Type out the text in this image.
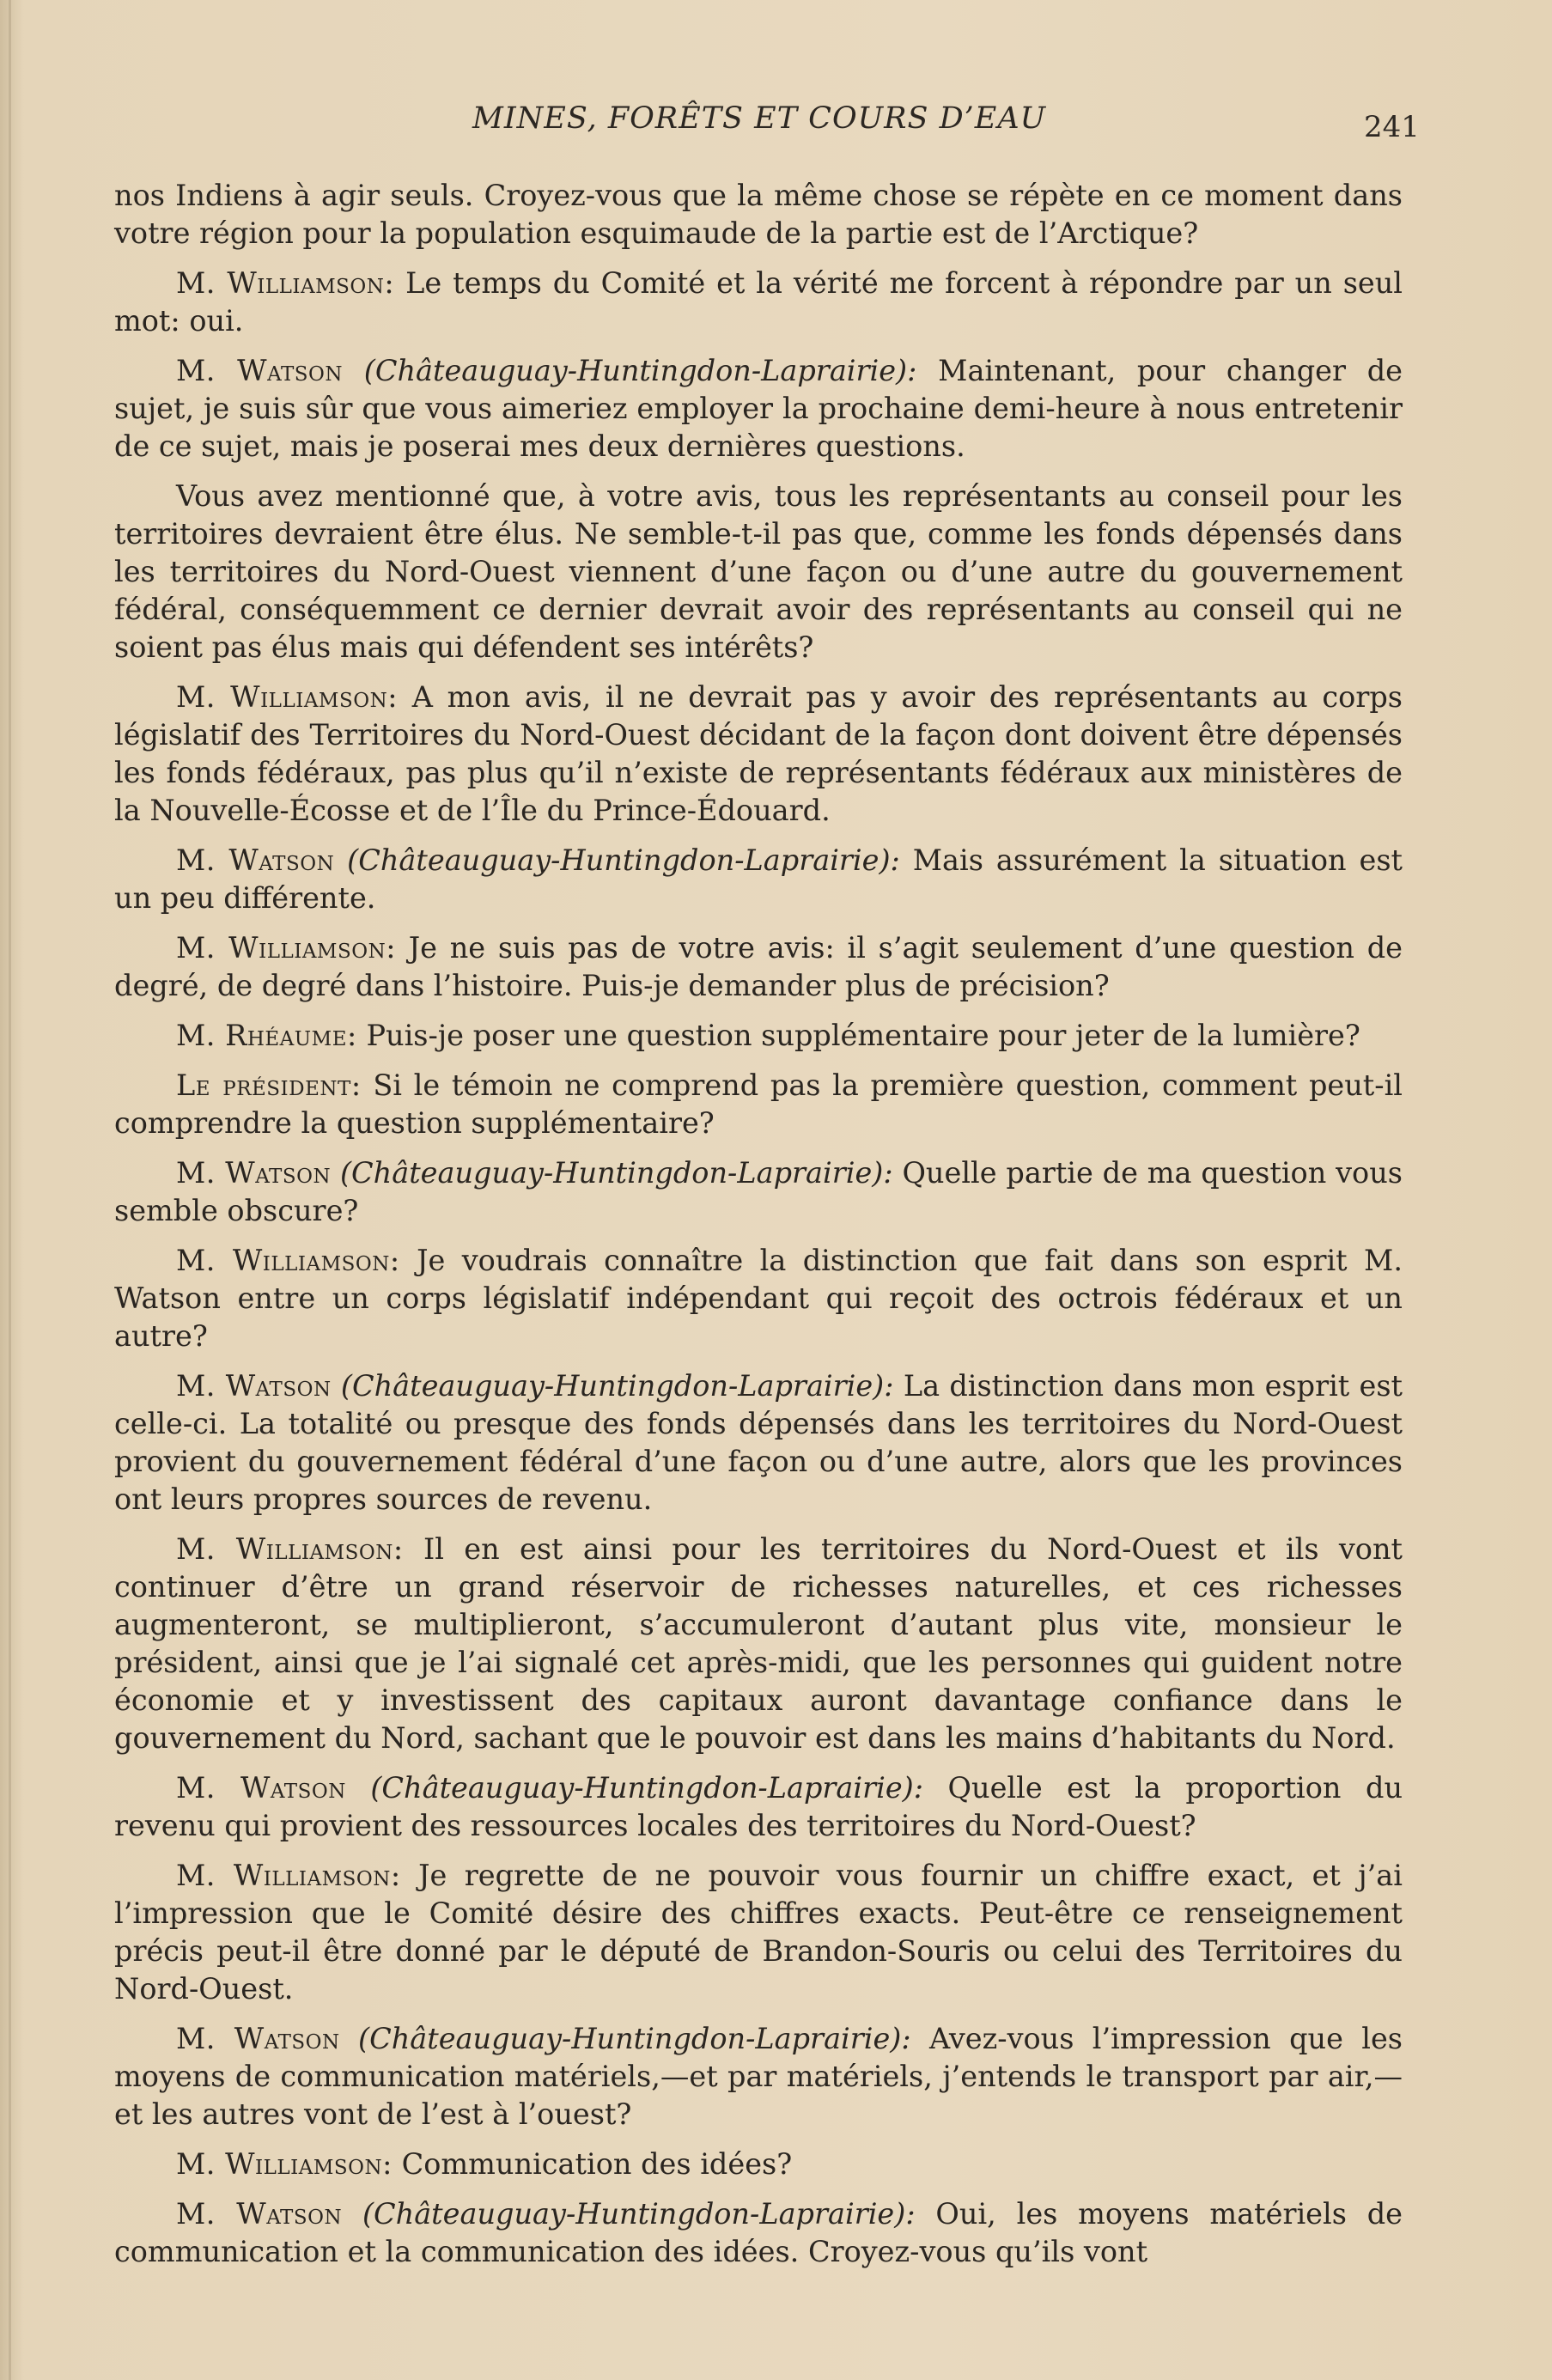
MINES, FORÊTS ET COURS D’EAU	241

nos Indiens à agir seuls. Croyez-vous que la même chose se répète en ce moment dans votre région pour la population esquimaude de la partie est de l’Arctique?

M. Williamson: Le temps du Comité et la vérité me forcent à répondre par un seul mot: oui.

M. Watson (Châteauguay-Huntingdon-Laprairie): Maintenant, pour changer de sujet, je suis sûr que vous aimeriez employer la prochaine demi-heure à nous entretenir de ce sujet, mais je poserai mes deux dernières questions.

Vous avez mentionné que, à votre avis, tous les représentants au conseil pour les territoires devraient être élus. Ne semble-t-il pas que, comme les fonds dépensés dans les territoires du Nord-Ouest viennent d’une façon ou d’une autre du gouvernement fédéral, conséquemment ce dernier devrait avoir des représentants au conseil qui ne soient pas élus mais qui défendent ses intérêts?

M. Williamson: A mon avis, il ne devrait pas y avoir des représentants au corps législatif des Territoires du Nord-Ouest décidant de la façon dont doivent être dépensés les fonds fédéraux, pas plus qu’il n’existe de représentants fédéraux aux ministères de la Nouvelle-Écosse et de l’Île du Prince-Édouard.

M. Watson (Châteauguay-Huntingdon-Laprairie): Mais assurément la situation est un peu différente.

M. Williamson: Je ne suis pas de votre avis: il s’agit seulement d’une question de degré, de degré dans l’histoire. Puis-je demander plus de précision?

M. Rhéaume: Puis-je poser une question supplémentaire pour jeter de la lumière?

Le président: Si le témoin ne comprend pas la première question, comment peut-il comprendre la question supplémentaire?

M. Watson (Châteauguay-Huntingdon-Laprairie): Quelle partie de ma question vous semble obscure?

M. Williamson: Je voudrais connaître la distinction que fait dans son esprit M. Watson entre un corps législatif indépendant qui reçoit des octrois fédéraux et un autre?

M. Watson (Châteauguay-Huntingdon-Laprairie): La distinction dans mon esprit est celle-ci. La totalité ou presque des fonds dépensés dans les territoires du Nord-Ouest provient du gouvernement fédéral d’une façon ou d’une autre, alors que les provinces ont leurs propres sources de revenu.

M. Williamson: Il en est ainsi pour les territoires du Nord-Ouest et ils vont continuer d’être un grand réservoir de richesses naturelles, et ces richesses augmenteront, se multiplieront, s’accumuleront d’autant plus vite, monsieur le président, ainsi que je l’ai signalé cet après-midi, que les personnes qui guident notre économie et y investissent des capitaux auront davantage confiance dans le gouvernement du Nord, sachant que le pouvoir est dans les mains d’habitants du Nord.

M. Watson (Châteauguay-Huntingdon-Laprairie): Quelle est la proportion du revenu qui provient des ressources locales des territoires du Nord-Ouest?

M. Williamson: Je regrette de ne pouvoir vous fournir un chiffre exact, et j’ai l’impression que le Comité désire des chiffres exacts. Peut-être ce renseignement précis peut-il être donné par le député de Brandon-Souris ou celui des Territoires du Nord-Ouest.

M. Watson (Châteauguay-Huntingdon-Laprairie): Avez-vous l’impression que les moyens de communication matériels,—et par matériels, j’entends le transport par air,—et les autres vont de l’est à l’ouest?

M. Williamson: Communication des idées?

M. Watson (Châteauguay-Huntingdon-Laprairie): Oui, les moyens matériels de communication et la communication des idées. Croyez-vous qu’ils vont
